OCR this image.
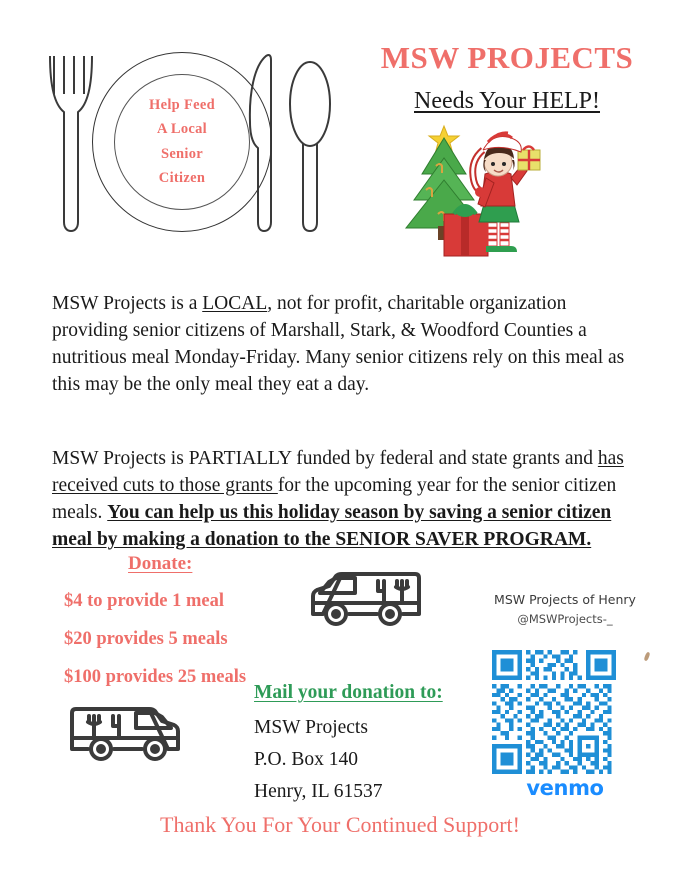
Help Feed
A Local
Senior
Citizen
MSW PROJECTS
Needs Your HELP!

MSW Projects is a LOCAL, not for profit, charitable organization providing senior citizens of Marshall, Stark, & Woodford Counties a nutritious meal Monday-Friday. Many senior citizens rely on this meal as this may be the only meal they eat a day.

MSW Projects is PARTIALLY funded by federal and state grants and has received cuts to those grants for the upcoming year for the senior citizen meals. You can help us this holiday season by saving a senior citizen meal by making a donation to the SENIOR SAVER PROGRAM.

Donate:
$4 to provide 1 meal
$20 provides 5 meals
$100 provides 25 meals
MSW Projects of Henry
@MSWProjects-_
venmo
Mail your donation to:
MSW Projects
P.O. Box 140
Henry, IL 61537
Thank You For Your Continued Support!
